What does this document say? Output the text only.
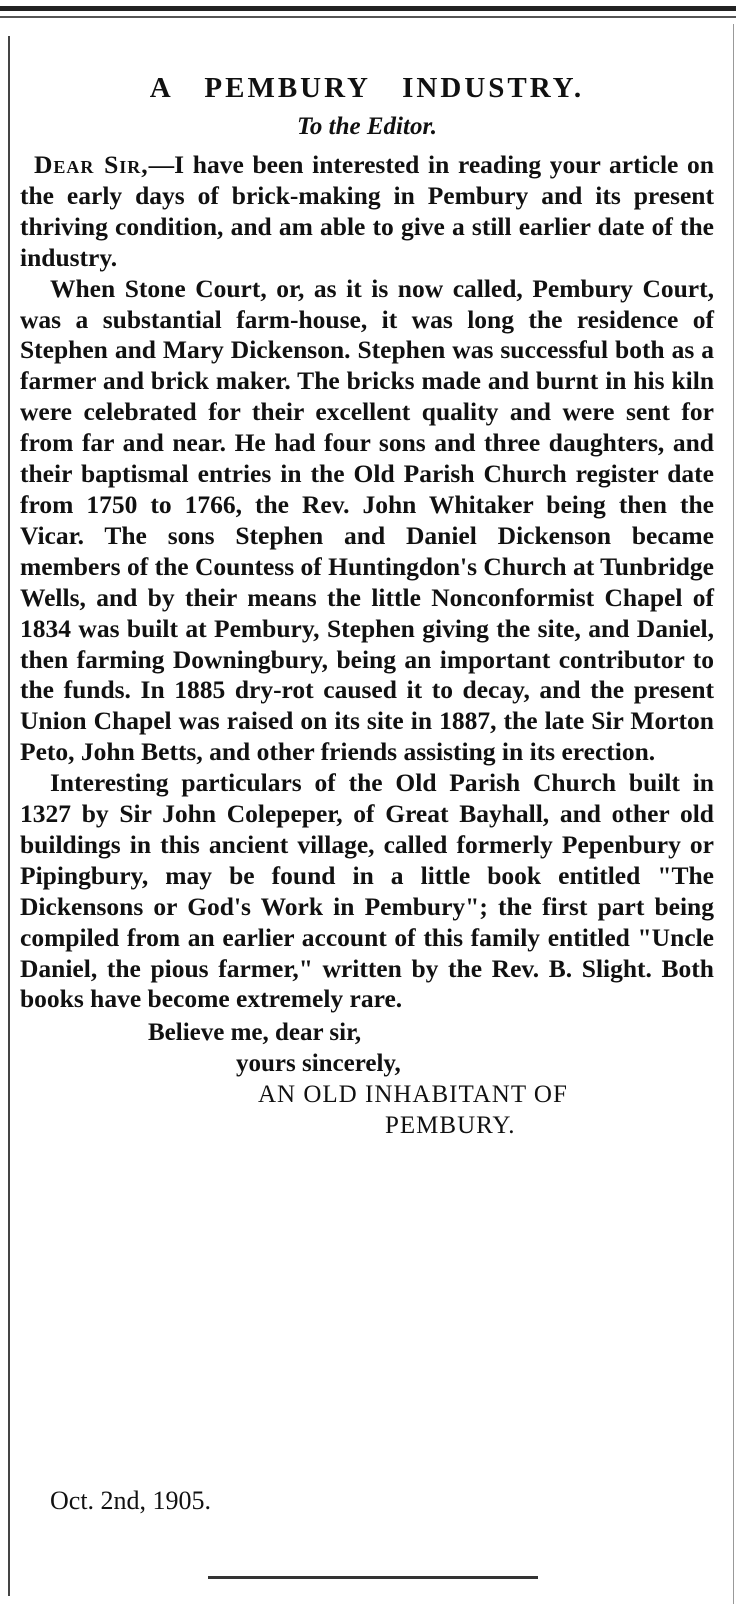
A PEMBURY INDUSTRY.

To the Editor.

Dear Sir,—I have been interested in reading your article on the early days of brick-making in Pembury and its present thriving condition, and am able to give a still earlier date of the industry.

When Stone Court, or, as it is now called, Pembury Court, was a substantial farm-house, it was long the residence of Stephen and Mary Dickenson. Stephen was successful both as a farmer and brick maker. The bricks made and burnt in his kiln were celebrated for their excellent quality and were sent for from far and near. He had four sons and three daughters, and their baptismal entries in the Old Parish Church register date from 1750 to 1766, the Rev. John Whitaker being then the Vicar. The sons Stephen and Daniel Dickenson became members of the Countess of Huntingdon's Church at Tunbridge Wells, and by their means the little Nonconformist Chapel of 1834 was built at Pembury, Stephen giving the site, and Daniel, then farming Downingbury, being an important contributor to the funds. In 1885 dry-rot caused it to decay, and the present Union Chapel was raised on its site in 1887, the late Sir Morton Peto, John Betts, and other friends assisting in its erection.

Interesting particulars of the Old Parish Church built in 1327 by Sir John Colepeper, of Great Bayhall, and other old buildings in this ancient village, called formerly Pepenbury or Pipingbury, may be found in a little book entitled "The Dickensons or God's Work in Pembury"; the first part being compiled from an earlier account of this family entitled "Uncle Daniel, the pious farmer," written by the Rev. B. Slight. Both books have become extremely rare.

Believe me, dear sir,

yours sincerely,

AN OLD INHABITANT OF

PEMBURY.

Oct. 2nd, 1905.
